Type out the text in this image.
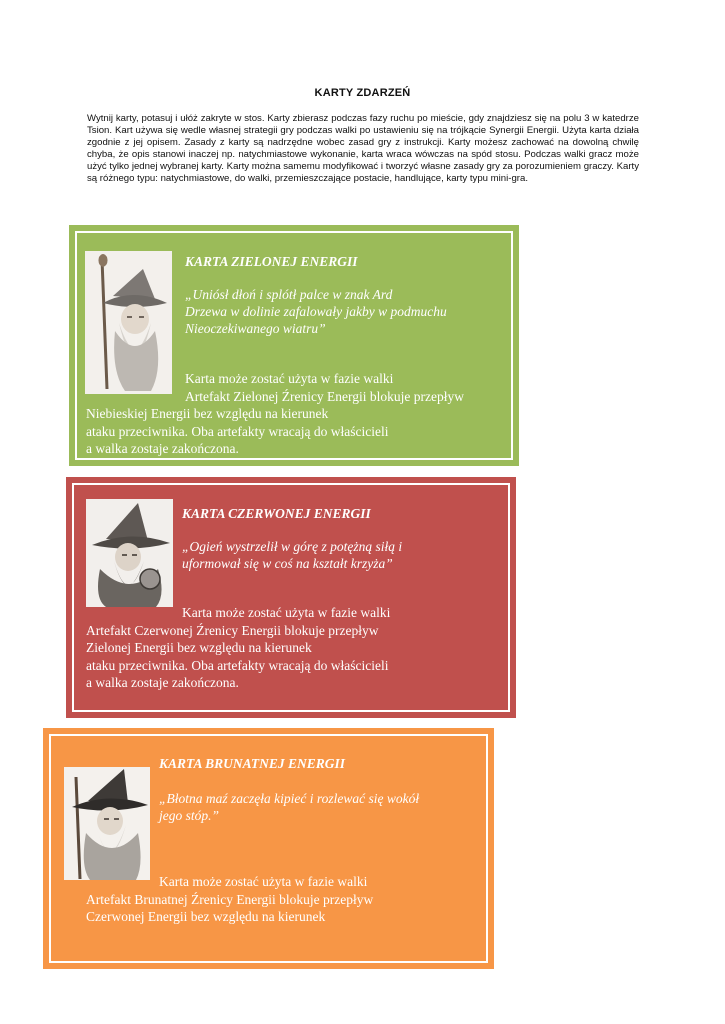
KARTY ZDARZEŃ
Wytnij karty, potasuj i ułóż zakryte w stos. Karty zbierasz podczas fazy ruchu po mieście, gdy znajdziesz się na polu 3 w katedrze Tsion. Kart używa się wedle własnej strategii gry podczas walki po ustawieniu się na trójkącie Synergii Energii. Użyta karta działa zgodnie z jej opisem. Zasady z karty są nadrzędne wobec zasad gry z instrukcji. Karty możesz zachować na dowolną chwilę chyba, że opis stanowi inaczej np. natychmiastowe wykonanie, karta wraca wówczas na spód stosu. Podczas walki gracz może użyć tylko jednej wybranej karty. Karty można samemu modyfikować i tworzyć własne zasady gry za porozumieniem graczy. Karty są różnego typu: natychmiastowe, do walki, przemieszczające postacie, handlujące, karty typu mini-gra.
KARTA ZIELONEJ ENERGII
„Uniósł dłoń i splótł palce w znak Ard
Drzewa w dolinie zafalowały jakby w podmuchu
Nieoczekiwanego wiatru”
Karta może zostać użyta w fazie walki
Artefakt Zielonej Źrenicy Energii blokuje przepływ
Niebieskiej Energii bez względu na kierunek
ataku przeciwnika. Oba artefakty wracają do właścicieli
a walka zostaje zakończona.
KARTA CZERWONEJ ENERGII
„Ogień wystrzelił w górę z potężną siłą i
uformował się w coś na kształt krzyża”
Karta może zostać użyta w fazie walki
Artefakt Czerwonej Źrenicy Energii blokuje przepływ
Zielonej Energii bez względu na kierunek
ataku przeciwnika. Oba artefakty wracają do właścicieli
a walka zostaje zakończona.
KARTA BRUNATNEJ ENERGII
„Błotna maź zaczęła kipieć i rozlewać się wokół
jego stóp.”
Karta może zostać użyta w fazie walki
Artefakt Brunatnej Źrenicy Energii blokuje przepływ
Czerwonej Energii bez względu na kierunek
